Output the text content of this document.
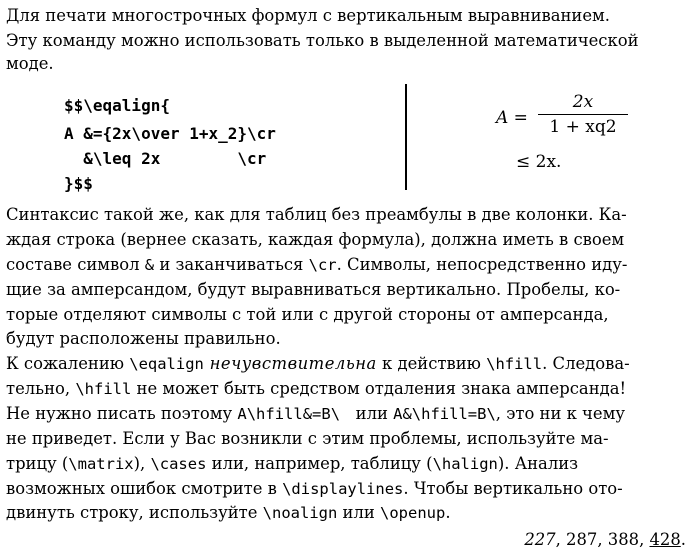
Для печати многострочных формул с вертикальным выравниванием.
Эту команду можно использовать только в выделенной математической
моде.
$$\eqalign{
A &={2x\over 1+x_2}\cr
&\leq 2x        \cr
}$$
A =
2x
1 + xq2
≤ 2x.
Синтаксис такой же, как для таблиц без преамбулы в две колонки. Ка-
ждая строка (вернее сказать, каждая формула), должна иметь в своем
составе символ & и заканчиваться \cr. Символы, непосредственно иду-
щие за амперсандом, будут выравниваться вертикально. Пробелы, ко-
торые отделяют символы с той или с другой стороны от амперсанда,
будут расположены правильно.
К сожалению \eqalign нечувствительна к действию \hfill. Следова-
тельно, \hfill не может быть средством отдаления знака амперсанда!
Не нужно писать поэтому A\hfill&=B\   или A&\hfill=B\, это ни к чему
не приведет. Если у Вас возникли с этим проблемы, используйте ма-
трицу (\matrix), \cases или, например, таблицу (\halign). Анализ
возможных ошибок смотрите в \displaylines. Чтобы вертикально ото-
двинуть строку, используйте \noalign или \openup.
227, 287, 388, 428.
